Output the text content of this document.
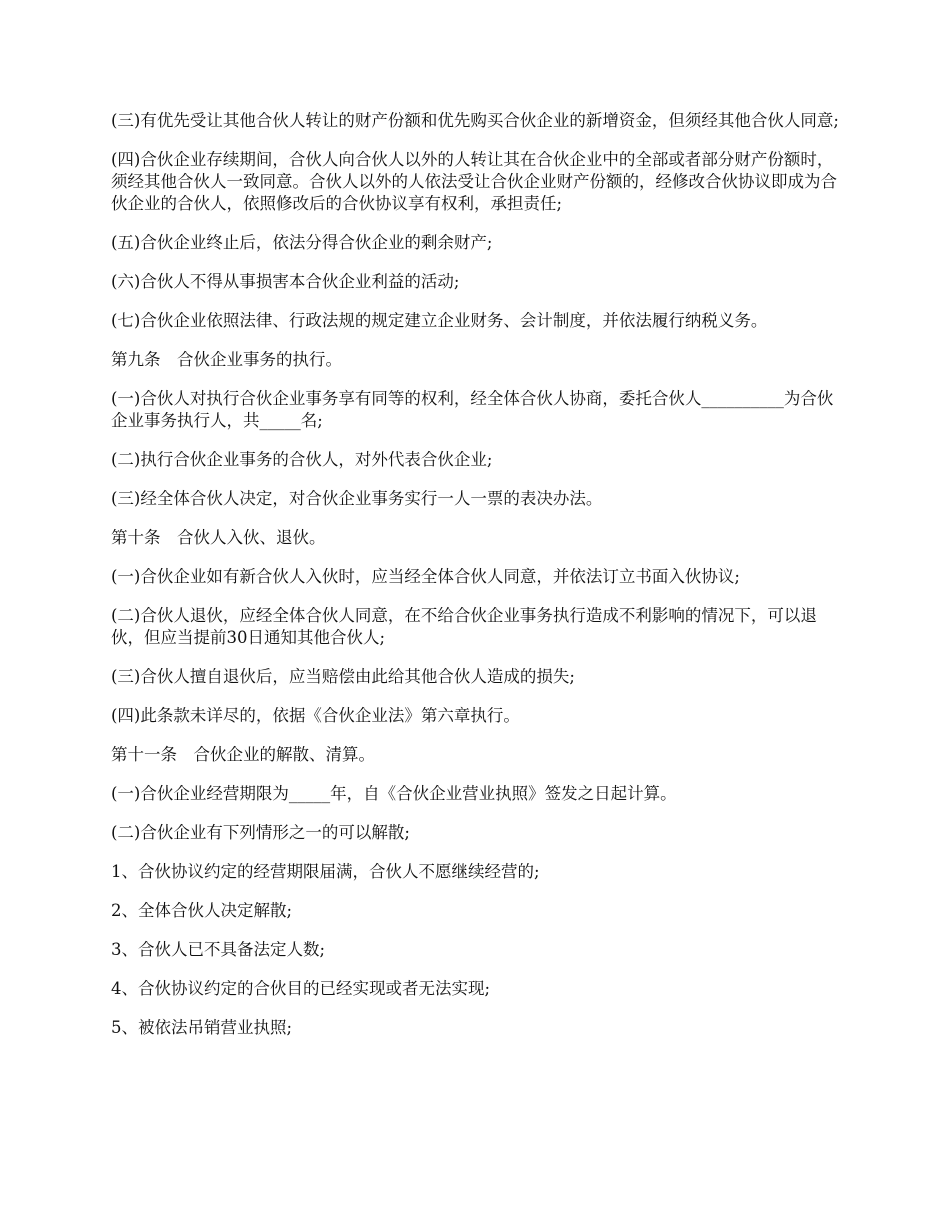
(三)有优先受让其他合伙人转让的财产份额和优先购买合伙企业的新增资金，但须经其他合伙人同意;

(四)合伙企业存续期间，合伙人向合伙人以外的人转让其在合伙企业中的全部或者部分财产份额时，须经其他合伙人一致同意。合伙人以外的人依法受让合伙企业财产份额的，经修改合伙协议即成为合伙企业的合伙人，依照修改后的合伙协议享有权利，承担责任;

(五)合伙企业终止后，依法分得合伙企业的剩余财产;

(六)合伙人不得从事损害本合伙企业利益的活动;

(七)合伙企业依照法律、行政法规的规定建立企业财务、会计制度，并依法履行纳税义务。

第九条　合伙企业事务的执行。

(一)合伙人对执行合伙企业事务享有同等的权利，经全体合伙人协商，委托合伙人__________为合伙企业事务执行人，共_____名;

(二)执行合伙企业事务的合伙人，对外代表合伙企业;

(三)经全体合伙人决定，对合伙企业事务实行一人一票的表决办法。

第十条　合伙人入伙、退伙。

(一)合伙企业如有新合伙人入伙时，应当经全体合伙人同意，并依法订立书面入伙协议;

(二)合伙人退伙，应经全体合伙人同意，在不给合伙企业事务执行造成不利影响的情况下，可以退伙，但应当提前30日通知其他合伙人;

(三)合伙人擅自退伙后，应当赔偿由此给其他合伙人造成的损失;

(四)此条款未详尽的，依据《合伙企业法》第六章执行。

第十一条　合伙企业的解散、清算。

(一)合伙企业经营期限为_____年，自《合伙企业营业执照》签发之日起计算。

(二)合伙企业有下列情形之一的可以解散;

1、合伙协议约定的经营期限届满，合伙人不愿继续经营的;

2、全体合伙人决定解散;

3、合伙人已不具备法定人数;

4、合伙协议约定的合伙目的已经实现或者无法实现;

5、被依法吊销营业执照;
